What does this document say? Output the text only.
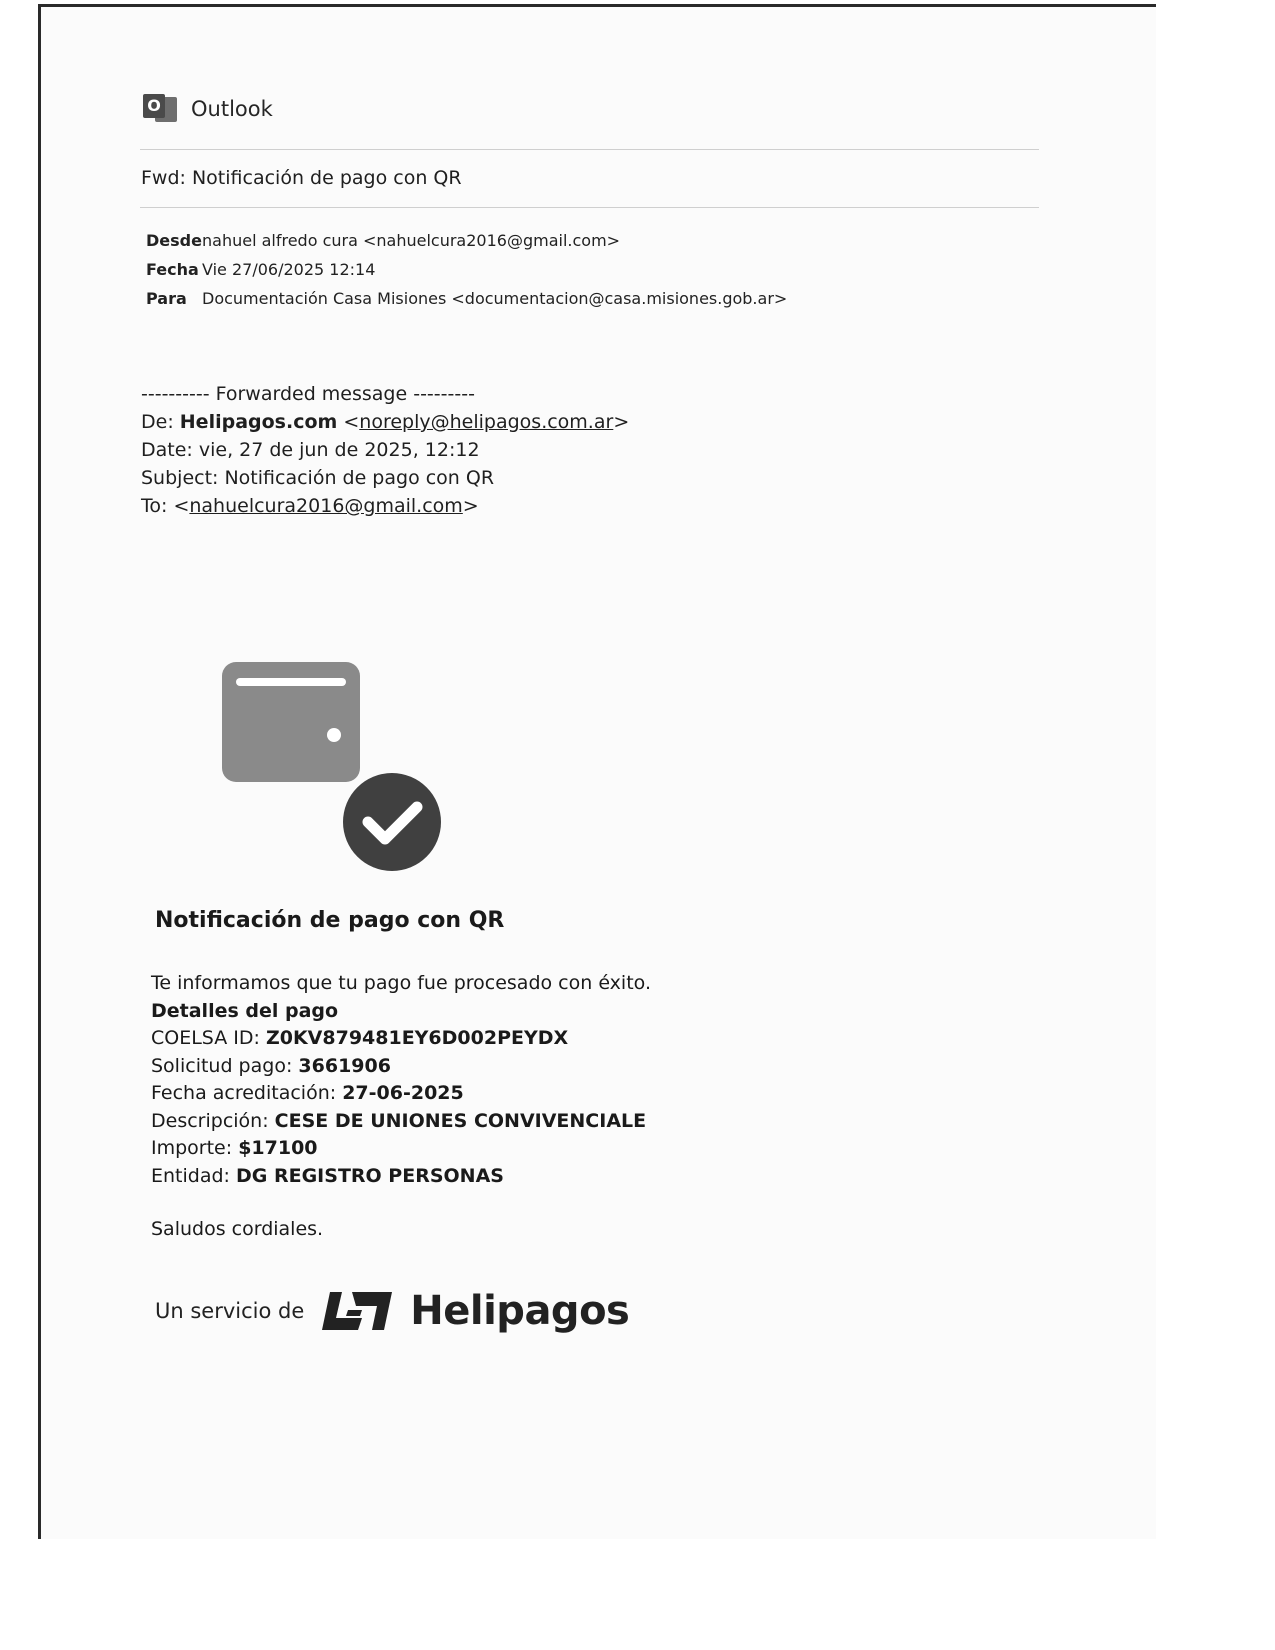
O Outlook
Fwd: Notificación de pago con QR
Desde nahuel alfredo cura <nahuelcura2016@gmail.com>
Fecha Vie 27/06/2025 12:14
Para Documentación Casa Misiones <documentacion@casa.misiones.gob.ar>
---------- Forwarded message ---------
De: Helipagos.com <noreply@helipagos.com.ar>
Date: vie, 27 de jun de 2025, 12:12
Subject: Notificación de pago con QR
To: <nahuelcura2016@gmail.com>
Notificación de pago con QR
Te informamos que tu pago fue procesado con éxito.
Detalles del pago
COELSA ID: Z0KV879481EY6D002PEYDX
Solicitud pago: 3661906
Fecha acreditación: 27-06-2025
Descripción: CESE DE UNIONES CONVIVENCIALE
Importe: $17100
Entidad: DG REGISTRO PERSONAS
Saludos cordiales.
Un servicio de	Helipagos
